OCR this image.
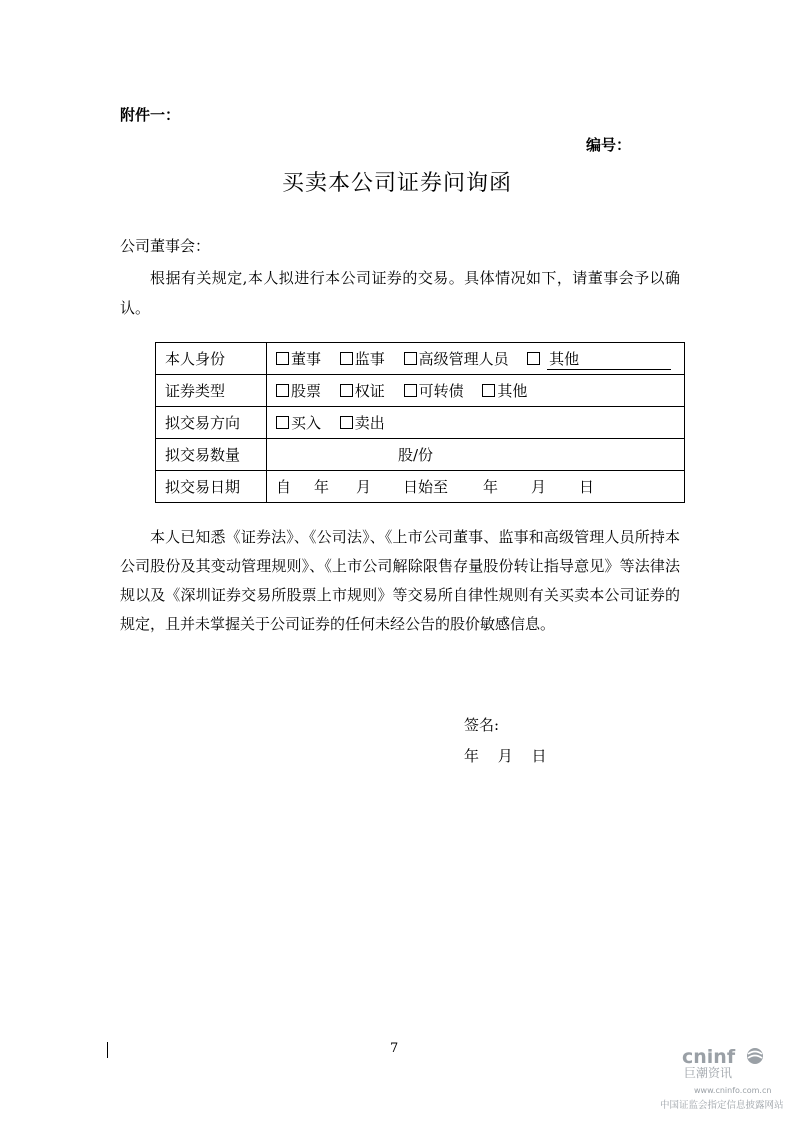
附件一：
编号：
买卖本公司证券问询函
公司董事会：
根据有关规定,本人拟进行本公司证券的交易。具体情况如下，请董事会予以确认。
本人身份	董事 监事 高级管理人员 其他
证券类型	股票 权证 可转债 其他
拟交易方向	买入 卖出
拟交易数量	股/份
拟交易日期	自 年 月 日始至 年 月 日
本人已知悉《证券法》、《公司法》、《上市公司董事、监事和高级管理人员所持本公司股份及其变动管理规则》、《上市公司解除限售存量股份转让指导意见》等法律法规以及《深圳证券交易所股票上市规则》等交易所自律性规则有关买卖本公司证券的规定，且并未掌握关于公司证券的任何未经公告的股价敏感信息。
签名:
年 月 日
7	cninf
巨潮资讯
www.cninfo.com.cn
中国证监会指定信息披露网站
